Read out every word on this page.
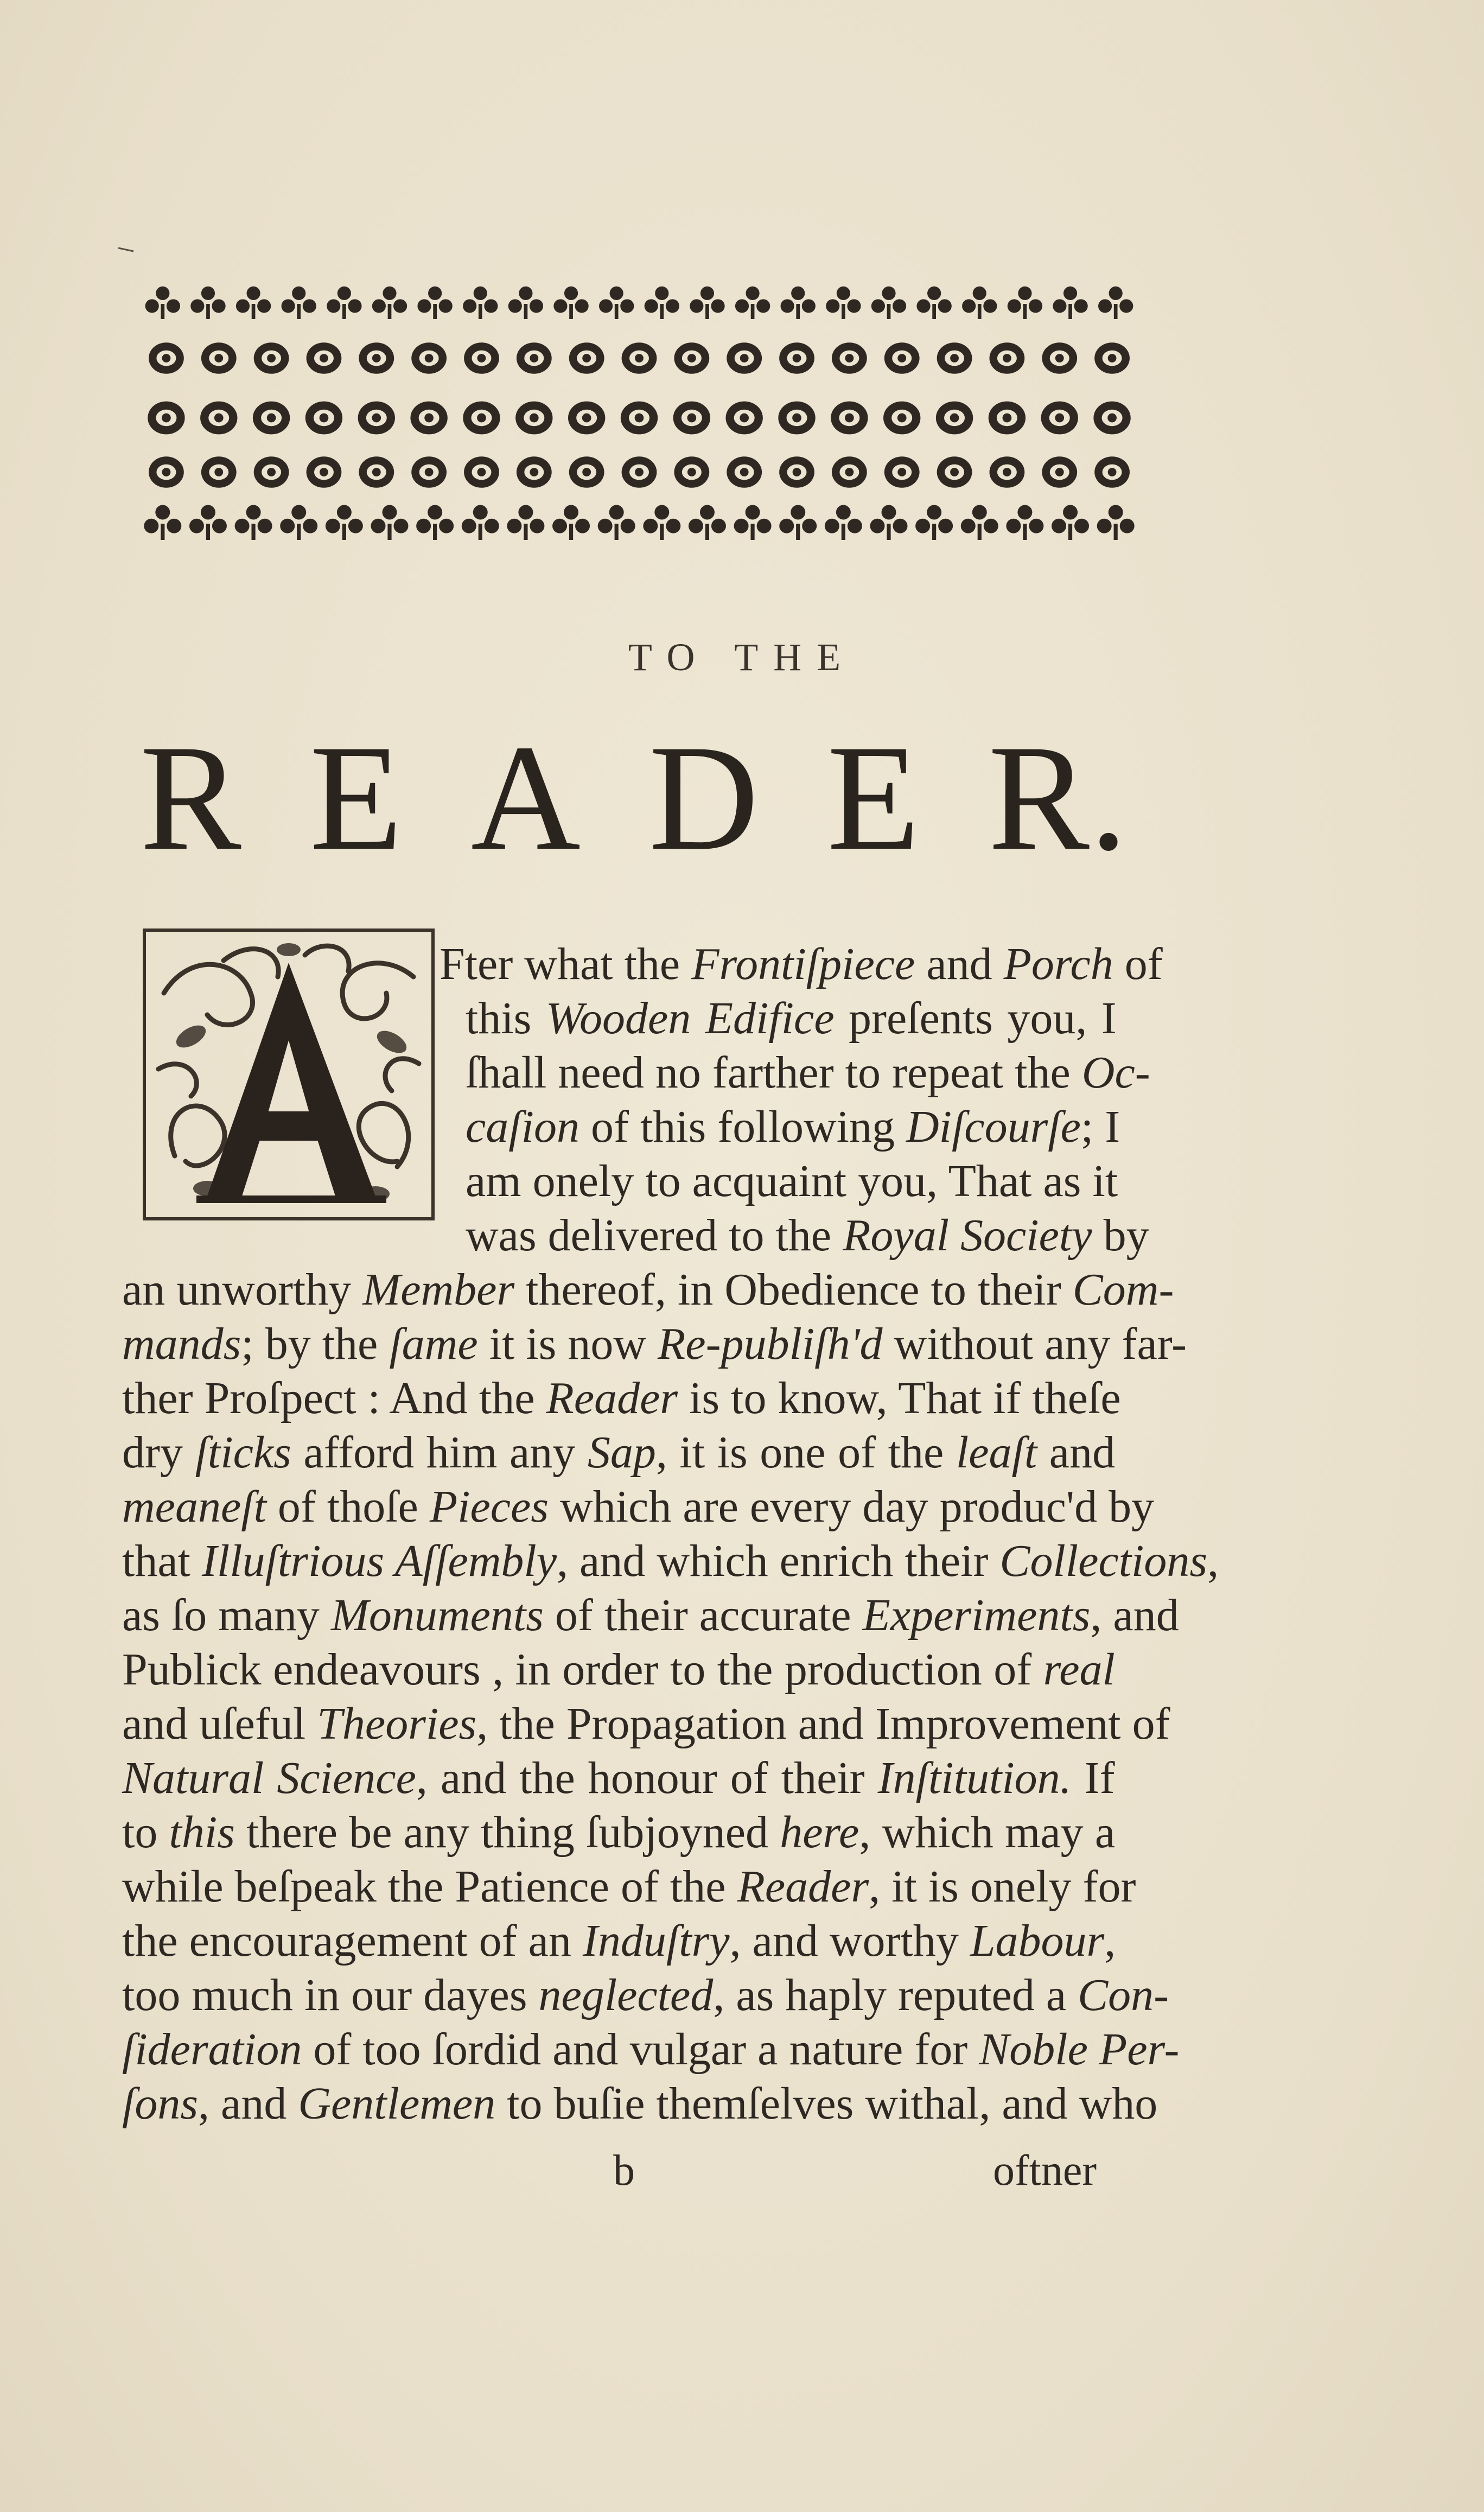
TO THE
R E A D E R.
Fter what the Frontiſpiece and Porch of
this Wooden Edifice preſents you, I
ſhall need no farther to repeat the Oc-
caſion of this following Diſcourſe; I
am onely to acquaint you, That as it
was delivered to the Royal Society by
an unworthy Member thereof, in Obedience to their Com-
mands; by the ſame it is now Re-publiſh'd without any far-
ther Proſpect : And the Reader is to know, That if theſe
dry ſticks afford him any Sap, it is one of the leaſt and
meaneſt of thoſe Pieces which are every day produc'd by
that Illuſtrious Aſſembly, and which enrich their Collections,
as ſo many Monuments of their accurate Experiments, and
Publick endeavours , in order to the production of real
and uſeful Theories, the Propagation and Improvement of
Natural Science, and the honour of their Inſtitution. If
to this there be any thing ſubjoyned here, which may a
while beſpeak the Patience of the Reader, it is onely for
the encouragement of an Induſtry, and worthy Labour,
too much in our dayes neglected, as haply reputed a Con-
ſideration of too ſordid and vulgar a nature for Noble Per-
ſons, and Gentlemen to buſie themſelves withal, and who
b	oftner
